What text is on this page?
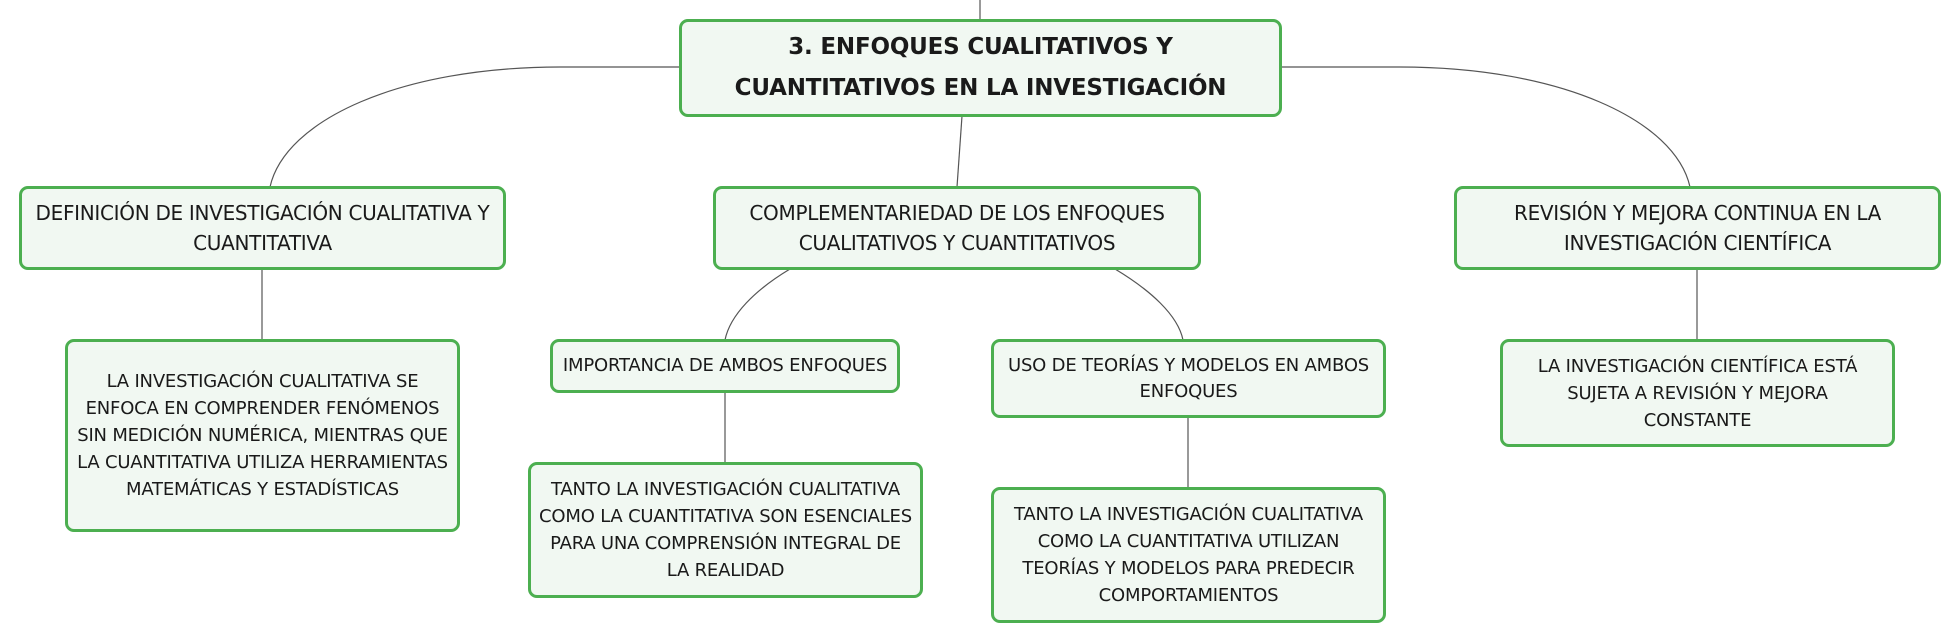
3. ENFOQUES CUALITATIVOS Y CUANTITATIVOS EN LA INVESTIGACIÓN
DEFINICIÓN DE INVESTIGACIÓN CUALITATIVA Y CUANTITATIVA
COMPLEMENTARIEDAD DE LOS ENFOQUES CUALITATIVOS Y CUANTITATIVOS
REVISIÓN Y MEJORA CONTINUA EN LA INVESTIGACIÓN CIENTÍFICA
LA INVESTIGACIÓN CUALITATIVA SE ENFOCA EN COMPRENDER FENÓMENOS SIN MEDICIÓN NUMÉRICA, MIENTRAS QUE LA CUANTITATIVA UTILIZA HERRAMIENTAS MATEMÁTICAS Y ESTADÍSTICAS
IMPORTANCIA DE AMBOS ENFOQUES	USO DE TEORÍAS Y MODELOS EN AMBOS ENFOQUES
LA INVESTIGACIÓN CIENTÍFICA ESTÁ SUJETA A REVISIÓN Y MEJORA CONSTANTE
TANTO LA INVESTIGACIÓN CUALITATIVA COMO LA CUANTITATIVA SON ESENCIALES PARA UNA COMPRENSIÓN INTEGRAL DE LA REALIDAD
TANTO LA INVESTIGACIÓN CUALITATIVA COMO LA CUANTITATIVA UTILIZAN TEORÍAS Y MODELOS PARA PREDECIR COMPORTAMIENTOS
